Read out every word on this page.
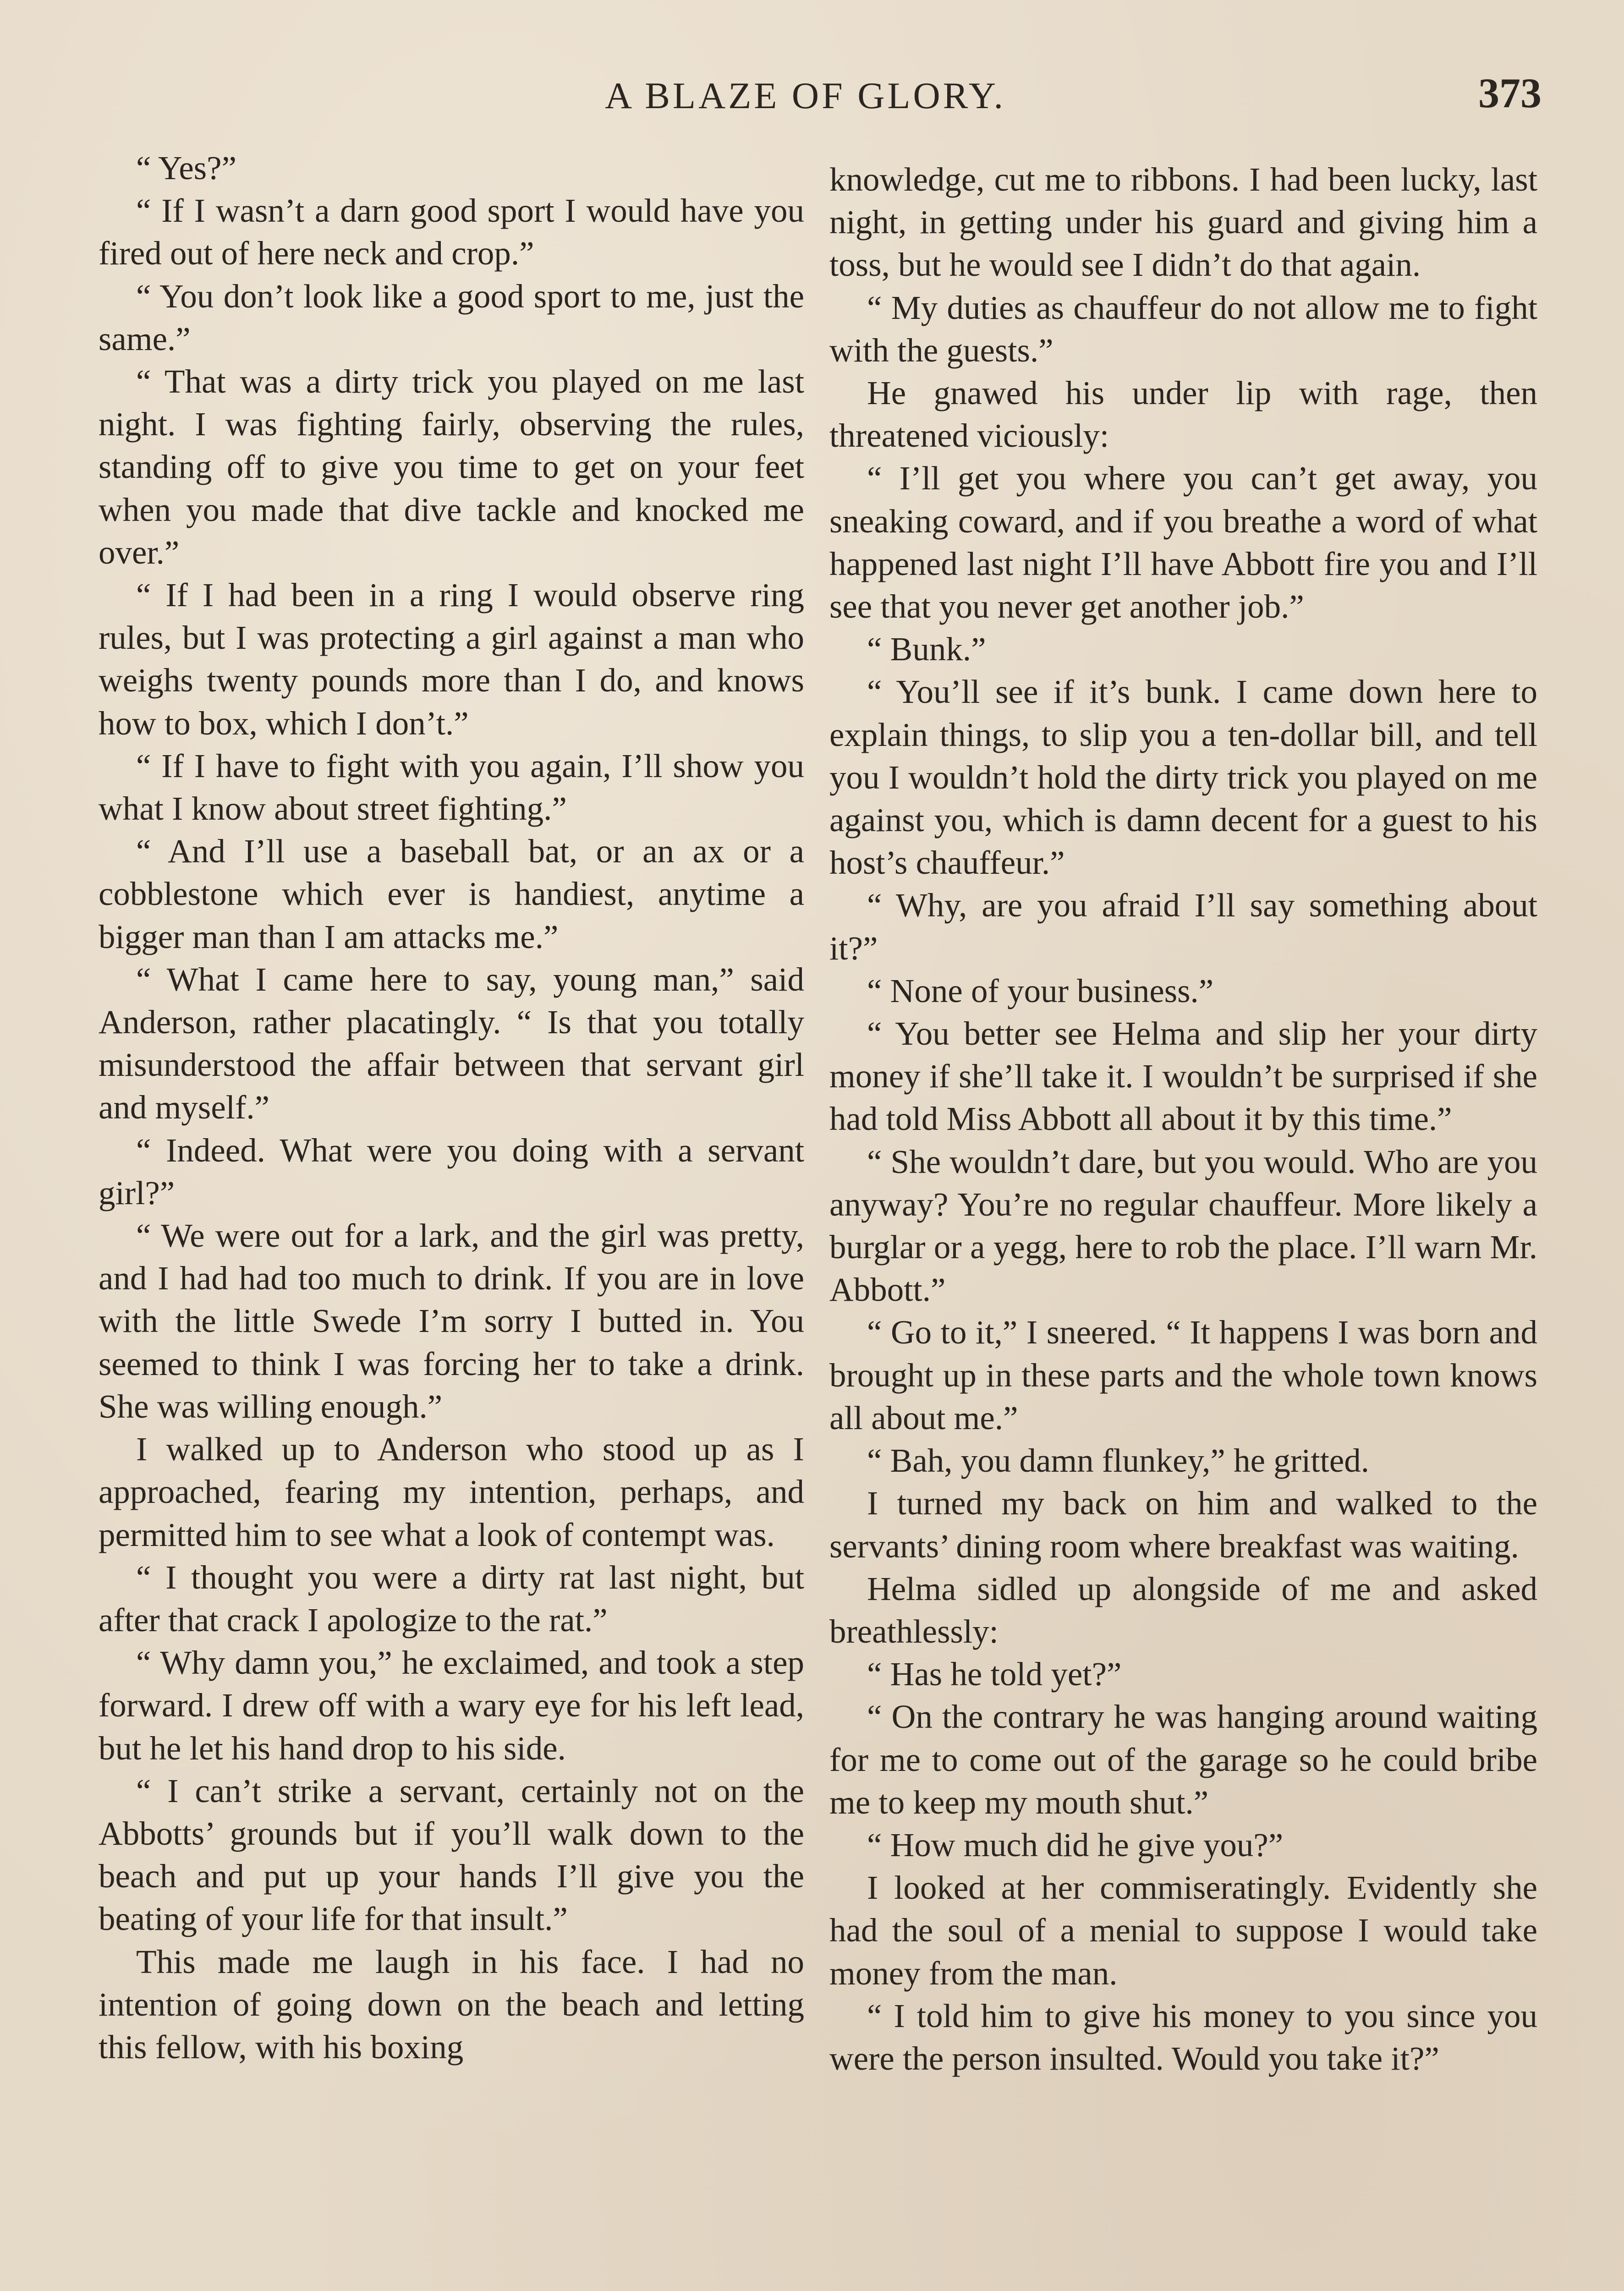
A BLAZE OF GLORY.	373

“ Yes?”

“ If I wasn’t a darn good sport I would have you fired out of here neck and crop.”

“ You don’t look like a good sport to me, just the same.”

“ That was a dirty trick you played on me last night. I was fighting fairly, observing the rules, standing off to give you time to get on your feet when you made that dive tackle and knocked me over.”

“ If I had been in a ring I would observe ring rules, but I was protecting a girl against a man who weighs twenty pounds more than I do, and knows how to box, which I don’t.”

“ If I have to fight with you again, I’ll show you what I know about street fighting.”

“ And I’ll use a baseball bat, or an ax or a cobblestone which ever is handiest, anytime a bigger man than I am attacks me.”

“ What I came here to say, young man,” said Anderson, rather placatingly. “ Is that you totally misunderstood the affair between that servant girl and myself.”

“ Indeed. What were you doing with a servant girl?”

“ We were out for a lark, and the girl was pretty, and I had had too much to drink. If you are in love with the little Swede I’m sorry I butted in. You seemed to think I was forcing her to take a drink. She was willing enough.”

I walked up to Anderson who stood up as I approached, fearing my intention, perhaps, and permitted him to see what a look of contempt was.

“ I thought you were a dirty rat last night, but after that crack I apologize to the rat.”

“ Why damn you,” he exclaimed, and took a step forward. I drew off with a wary eye for his left lead, but he let his hand drop to his side.

“ I can’t strike a servant, certainly not on the Abbotts’ grounds but if you’ll walk down to the beach and put up your hands I’ll give you the beating of your life for that insult.”

This made me laugh in his face. I had no intention of going down on the beach and letting this fellow, with his boxing

knowledge, cut me to ribbons. I had been lucky, last night, in getting under his guard and giving him a toss, but he would see I didn’t do that again.

“ My duties as chauffeur do not allow me to fight with the guests.”

He gnawed his under lip with rage, then threatened viciously:

“ I’ll get you where you can’t get away, you sneaking coward, and if you breathe a word of what happened last night I’ll have Abbott fire you and I’ll see that you never get another job.”

“ Bunk.”

“ You’ll see if it’s bunk. I came down here to explain things, to slip you a ten-dollar bill, and tell you I wouldn’t hold the dirty trick you played on me against you, which is damn decent for a guest to his host’s chauffeur.”

“ Why, are you afraid I’ll say something about it?”

“ None of your business.”

“ You better see Helma and slip her your dirty money if she’ll take it. I wouldn’t be surprised if she had told Miss Abbott all about it by this time.”

“ She wouldn’t dare, but you would. Who are you anyway? You’re no regular chauffeur. More likely a burglar or a yegg, here to rob the place. I’ll warn Mr. Abbott.”

“ Go to it,” I sneered. “ It happens I was born and brought up in these parts and the whole town knows all about me.”

“ Bah, you damn flunkey,” he gritted.

I turned my back on him and walked to the servants’ dining room where breakfast was waiting.

Helma sidled up alongside of me and asked breathlessly:

“ Has he told yet?”

“ On the contrary he was hanging around waiting for me to come out of the garage so he could bribe me to keep my mouth shut.”

“ How much did he give you?”

I looked at her commiseratingly. Evidently she had the soul of a menial to suppose I would take money from the man.

“ I told him to give his money to you since you were the person insulted. Would you take it?”
